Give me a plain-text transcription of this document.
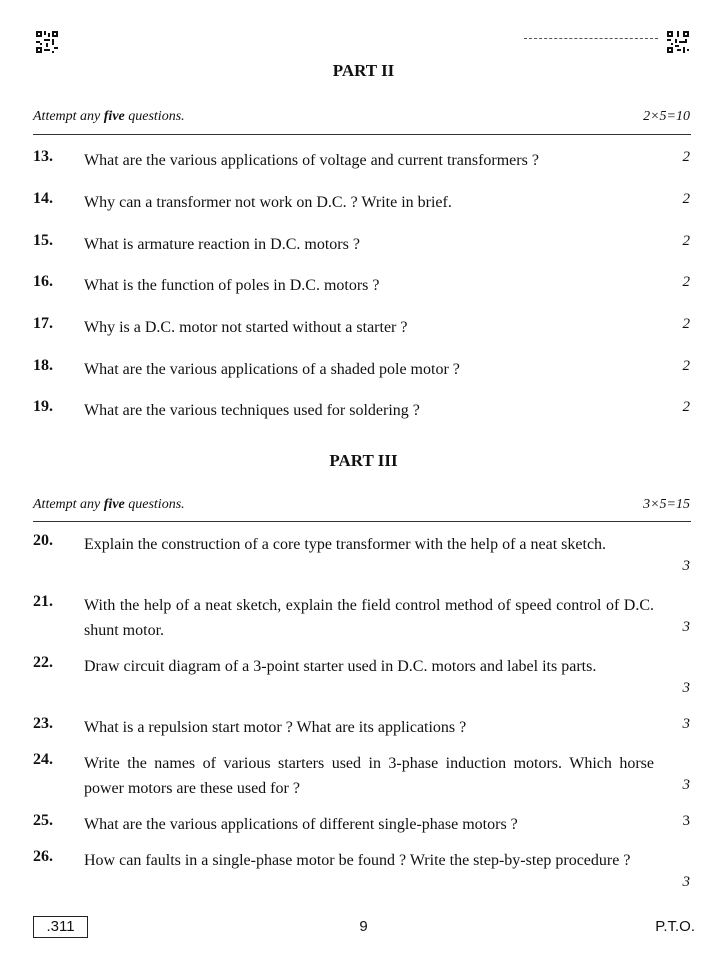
PART II
Attempt any five questions.	2×5=10
13.	What are the various applications of voltage and current transformers ?	2
14.	Why can a transformer not work on D.C. ? Write in brief.	2
15.	What is armature reaction in D.C. motors ?	2
16.	What is the function of poles in D.C. motors ?	2
17.	Why is a D.C. motor not started without a starter ?	2
18.	What are the various applications of a shaded pole motor ?	2
19.	What are the various techniques used for soldering ?	2
PART III
Attempt any five questions.	3×5=15
20.	Explain the construction of a core type transformer with the help of a neat sketch.
3
21.	With the help of a neat sketch, explain the field control method of speed control of D.C. shunt motor.	3
22.	Draw circuit diagram of a 3-point starter used in D.C. motors and label its parts.
3
23.	What is a repulsion start motor ? What are its applications ?	3
24.	Write the names of various starters used in 3-phase induction motors. Which horse power motors are these used for ?	3
25.	What are the various applications of different single-phase motors ?	3
26.	How can faults in a single-phase motor be found ? Write the step-by-step procedure ?
3
.311	9	P.T.O.
